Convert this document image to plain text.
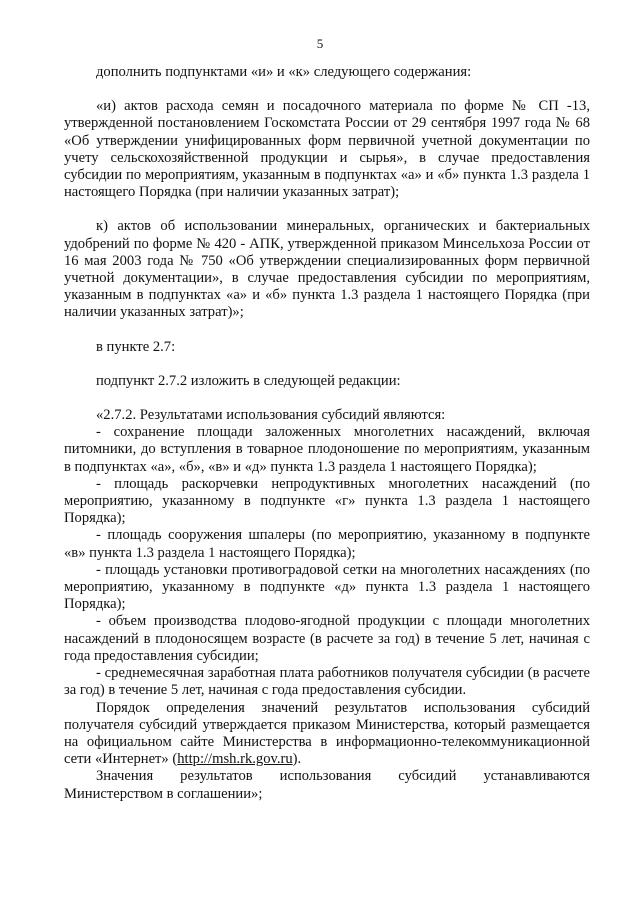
5

дополнить подпунктами «и» и «к» следующего содержания:

«и) актов расхода семян и посадочного материала по форме № СП -13, утвержденной постановлением Госкомстата России от 29 сентября 1997 года № 68 «Об утверждении унифицированных форм первичной учетной документации по учету сельскохозяйственной продукции и сырья», в случае предоставления субсидии по мероприятиям, указанным в подпунктах «а» и «б» пункта 1.3 раздела 1 настоящего Порядка (при наличии указанных затрат);

к) актов об использовании минеральных, органических и бактериальных удобрений по форме № 420 - АПК, утвержденной приказом Минсельхоза России от 16 мая 2003 года № 750 «Об утверждении специализированных форм первичной учетной документации», в случае предоставления субсидии по мероприятиям, указанным в подпунктах «а» и «б» пункта 1.3 раздела 1 настоящего Порядка (при наличии указанных затрат)»;

в пункте 2.7:

подпункт 2.7.2 изложить в следующей редакции:

«2.7.2. Результатами использования субсидий являются:

- сохранение площади заложенных многолетних насаждений, включая питомники, до вступления в товарное плодоношение по мероприятиям, указанным в подпунктах «а», «б», «в» и «д» пункта 1.3 раздела 1 настоящего Порядка);

- площадь раскорчевки непродуктивных многолетних насаждений (по мероприятию, указанному в подпункте «г» пункта 1.3 раздела 1 настоящего Порядка);

- площадь сооружения шпалеры (по мероприятию, указанному в подпункте «в» пункта 1.3 раздела 1 настоящего Порядка);

- площадь установки противоградовой сетки на многолетних насаждениях (по мероприятию, указанному в подпункте «д» пункта 1.3 раздела 1 настоящего Порядка);

- объем производства плодово-ягодной продукции с площади многолетних насаждений в плодоносящем возрасте (в расчете за год) в течение 5 лет, начиная с года предоставления субсидии;

- среднемесячная заработная плата работников получателя субсидии (в расчете за год) в течение 5 лет, начиная с года предоставления субсидии.

Порядок определения значений результатов использования субсидий получателя субсидий утверждается приказом Министерства, который размещается на официальном сайте Министерства в информационно-телекоммуникационной сети «Интернет» (http://msh.rk.gov.ru).

Значения результатов использования субсидий устанавливаются Министерством в соглашении»;
